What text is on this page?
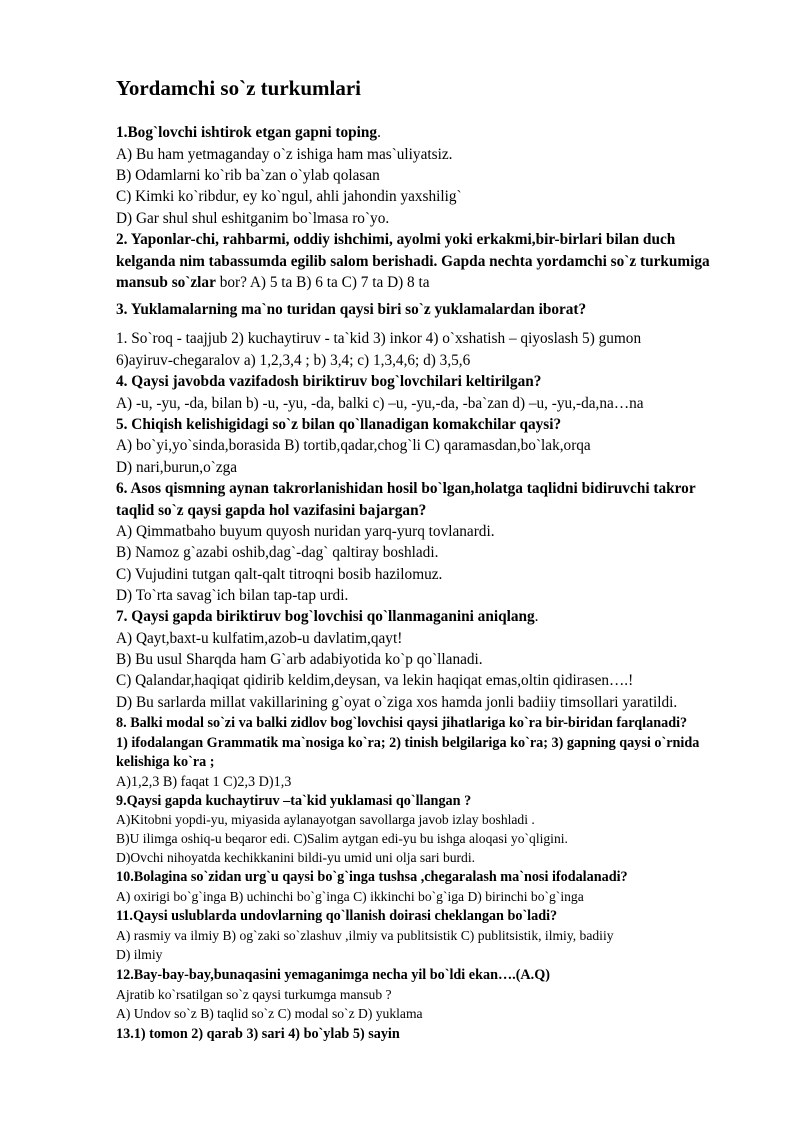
Yordamchi so`z turkumlari
1.Bog`lovchi ishtirok etgan gapni toping.
A) Bu ham yetmaganday o`z ishiga ham mas`uliyatsiz.
B) Odamlarni ko`rib ba`zan o`ylab qolasan
C) Kimki ko`ribdur, ey ko`ngul, ahli jahondin yaxshilig`
D) Gar shul shul eshitganim bo`lmasa ro`yo.
2. Yaponlar-chi, rahbarmi, oddiy ishchimi, ayolmi yoki erkakmi,bir-birlari bilan duch
kelganda nim tabassumda egilib salom berishadi. Gapda nechta yordamchi so`z turkumiga
mansub so`zlar bor? A) 5 ta B) 6 ta C) 7 ta D) 8 ta
3. Yuklamalarning ma`no turidan qaysi biri so`z yuklamalardan iborat?
1. So`roq - taajjub 2) kuchaytiruv - ta`kid 3) inkor 4) o`xshatish – qiyoslash 5) gumon
6)ayiruv-chegaralov a) 1,2,3,4 ; b) 3,4; c) 1,3,4,6; d) 3,5,6
4. Qaysi javobda vazifadosh biriktiruv bog`lovchilari keltirilgan?
A) -u, -yu, -da, bilan b) -u, -yu, -da, balki c) –u, -yu,-da, -ba`zan d) –u, -yu,-da,na…na
5. Chiqish kelishigidagi so`z bilan qo`llanadigan komakchilar qaysi?
A) bo`yi,yo`sinda,borasida B) tortib,qadar,chog`li C) qaramasdan,bo`lak,orqa
D) nari,burun,o`zga
6. Asos qismning aynan takrorlanishidan hosil bo`lgan,holatga taqlidni bidiruvchi takror
taqlid so`z qaysi gapda hol vazifasini bajargan?
A) Qimmatbaho buyum quyosh nuridan yarq-yurq tovlanardi.
B) Namoz g`azabi oshib,dag`-dag` qaltiray boshladi.
C) Vujudini tutgan qalt-qalt titroqni bosib hazilomuz.
D) To`rta savag`ich bilan tap-tap urdi.
7. Qaysi gapda biriktiruv bog`lovchisi qo`llanmaganini aniqlang.
A) Qayt,baxt-u kulfatim,azob-u davlatim,qayt!
B) Bu usul Sharqda ham G`arb adabiyotida ko`p qo`llanadi.
C) Qalandar,haqiqat qidirib keldim,deysan, va lekin haqiqat emas,oltin qidirasen….!
D) Bu sarlarda millat vakillarining g`oyat o`ziga xos hamda jonli badiiy timsollari yaratildi.
8. Balki modal so`zi va balki zidlov bog`lovchisi qaysi jihatlariga ko`ra bir-biridan farqlanadi?
1) ifodalangan Grammatik ma`nosiga ko`ra; 2) tinish belgilariga ko`ra; 3) gapning qaysi o`rnida
kelishiga ko`ra ;
A)1,2,3 B) faqat 1 C)2,3 D)1,3
9.Qaysi gapda kuchaytiruv –ta`kid yuklamasi qo`llangan ?
A)Kitobni yopdi-yu, miyasida aylanayotgan savollarga javob izlay boshladi .
B)U ilimga oshiq-u beqaror edi. C)Salim aytgan edi-yu bu ishga aloqasi yo`qligini.
D)Ovchi nihoyatda kechikkanini bildi-yu umid uni olja sari burdi.
10.Bolagina so`zidan urg`u qaysi bo`g`inga tushsa ,chegaralash ma`nosi ifodalanadi?
A) oxirigi bo`g`inga B) uchinchi bo`g`inga C) ikkinchi bo`g`iga D) birinchi bo`g`inga
11.Qaysi uslublarda undovlarning qo`llanish doirasi cheklangan bo`ladi?
A) rasmiy va ilmiy B) og`zaki so`zlashuv ,ilmiy va publitsistik C) publitsistik, ilmiy, badiiy
D) ilmiy
12.Bay-bay-bay,bunaqasini yemaganimga necha yil bo`ldi ekan….(A.Q)
Ajratib ko`rsatilgan so`z qaysi turkumga mansub ?
A) Undov so`z B) taqlid so`z C) modal so`z D) yuklama
13.1) tomon 2) qarab 3) sari 4) bo`ylab 5) sayin
